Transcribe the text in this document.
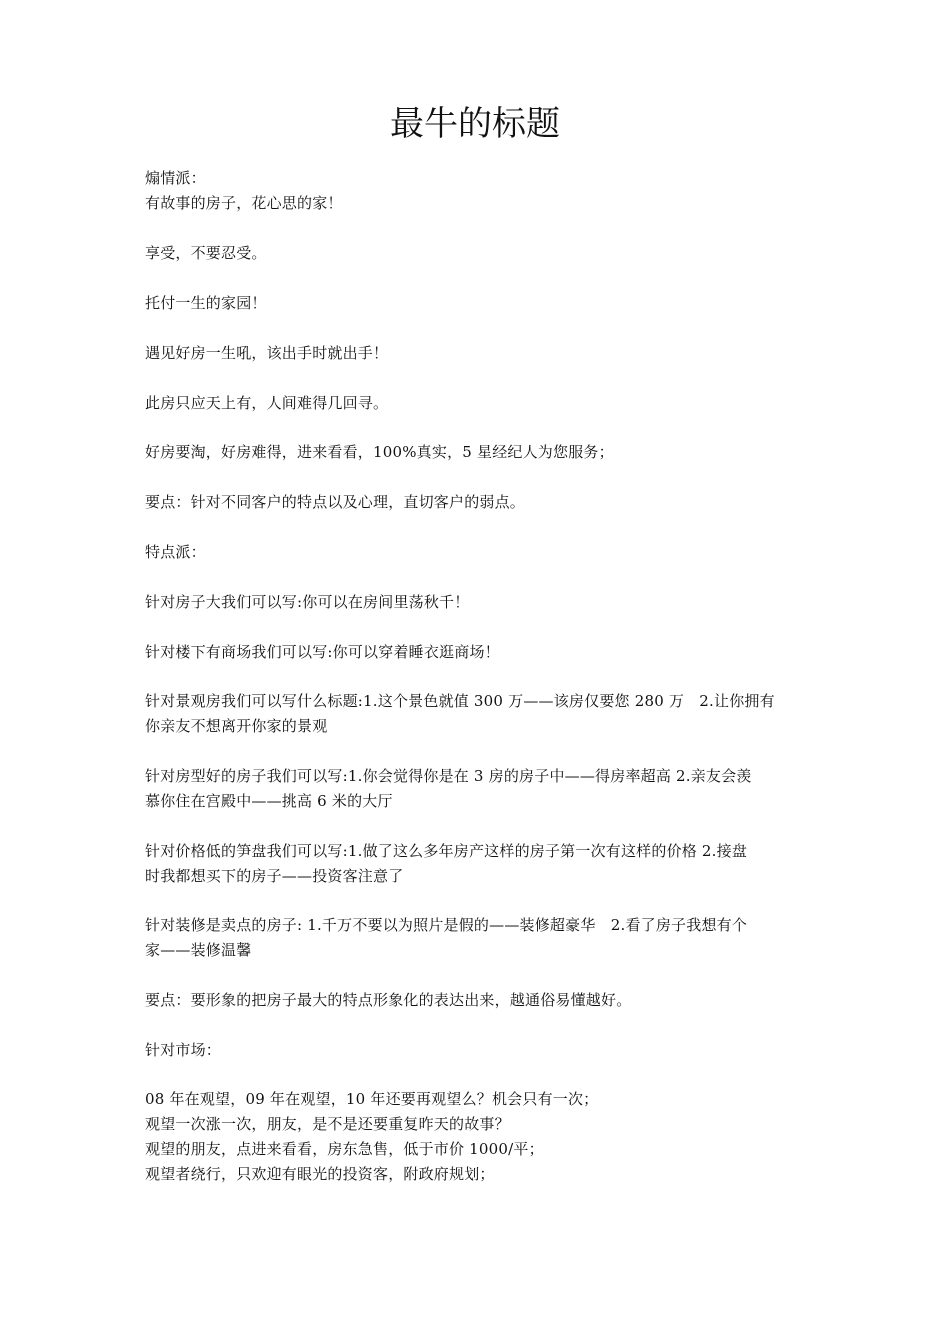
最牛的标题
煽情派：
有故事的房子，花心思的家！
享受，不要忍受。
托付一生的家园！
遇见好房一生吼，该出手时就出手！
此房只应天上有，人间难得几回寻。
好房要淘，好房难得，进来看看，100%真实，5 星经纪人为您服务；
要点：针对不同客户的特点以及心理，直切客户的弱点。
特点派：
针对房子大我们可以写:你可以在房间里荡秋千！
针对楼下有商场我们可以写:你可以穿着睡衣逛商场！
针对景观房我们可以写什么标题:1.这个景色就值 300 万——该房仅要您 280 万　2.让你拥有
你亲友不想离开你家的景观
针对房型好的房子我们可以写:1.你会觉得你是在 3 房的房子中——得房率超高 2.亲友会羡
慕你住在宫殿中——挑高 6 米的大厅
针对价格低的笋盘我们可以写:1.做了这么多年房产这样的房子第一次有这样的价格 2.接盘
时我都想买下的房子——投资客注意了
针对装修是卖点的房子: 1.千万不要以为照片是假的——装修超豪华　2.看了房子我想有个
家——装修温馨
要点：要形象的把房子最大的特点形象化的表达出来，越通俗易懂越好。
针对市场：
08 年在观望，09 年在观望，10 年还要再观望么？机会只有一次；
观望一次涨一次，朋友，是不是还要重复昨天的故事？
观望的朋友，点进来看看，房东急售，低于市价 1000/平；
观望者绕行，只欢迎有眼光的投资客，附政府规划；
